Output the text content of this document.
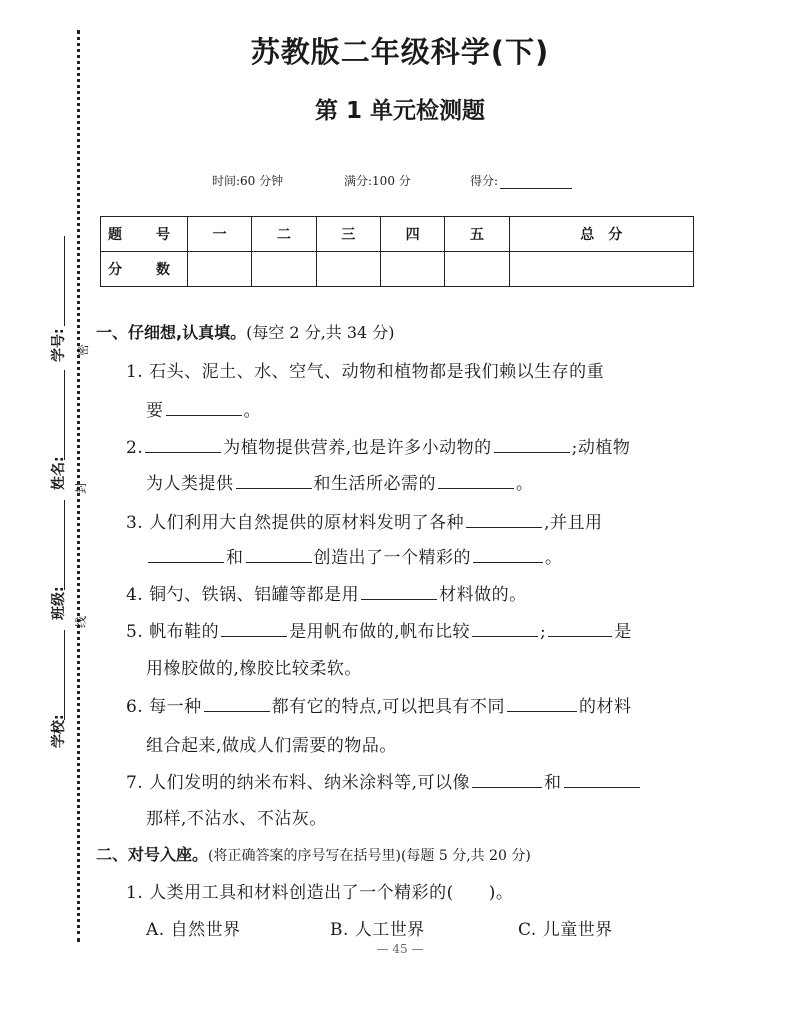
学校:
班级:
姓名:
学号:
线
封
密
苏教版二年级科学(下)
第 1 单元检测题
时间:60 分钟	满分:100 分	得分:
题　号	一	二	三	四	五	总　分
分　数						
一、仔细想,认真填。(每空 2 分,共 34 分)
1. 石头、泥土、水、空气、动物和植物都是我们赖以生存的重
要	。
2.	为植物提供营养,也是许多小动物的	;动植物
为人类提供	和生活所必需的	。
3. 人们利用大自然提供的原材料发明了各种	,并且用
和	创造出了一个精彩的	。
4. 铜勺、铁锅、铝罐等都是用	材料做的。
5. 帆布鞋的	是用帆布做的,帆布比较	;	是
用橡胶做的,橡胶比较柔软。
6. 每一种	都有它的特点,可以把具有不同	的材料
组合起来,做成人们需要的物品。
7. 人们发明的纳米布料、纳米涂料等,可以像	和
那样,不沾水、不沾灰。
二、对号入座。(将正确答案的序号写在括号里)(每题 5 分,共 20 分)
1. 人类用工具和材料创造出了一个精彩的(　　)。
A. 自然世界	B. 人工世界	C. 儿童世界
— 45 —
